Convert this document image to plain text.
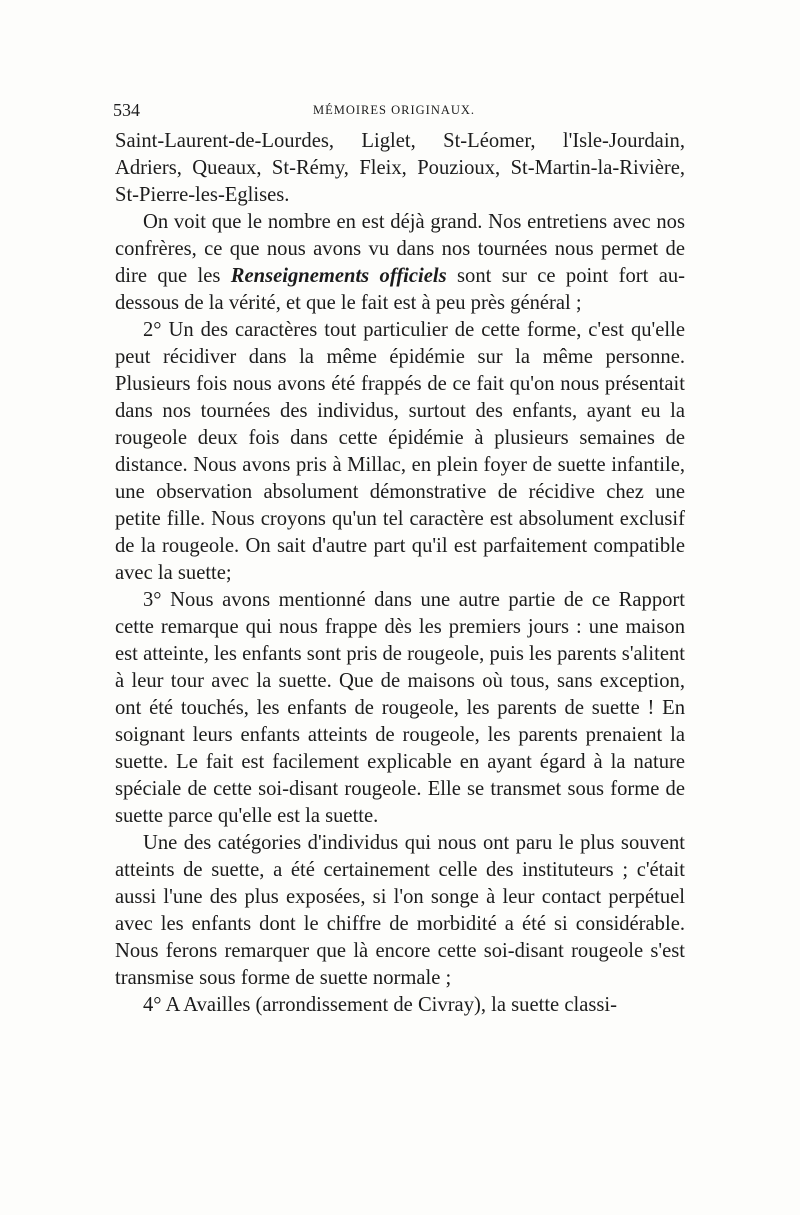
534	MÉMOIRES ORIGINAUX.

Saint-Laurent-de-Lourdes, Liglet, St-Léomer, l'Isle-Jourdain, Adriers, Queaux, St-Rémy, Fleix, Pouzioux, St-Martin-la-Rivière, St-Pierre-les-Eglises.

On voit que le nombre en est déjà grand. Nos entretiens avec nos confrères, ce que nous avons vu dans nos tournées nous permet de dire que les Renseignements officiels sont sur ce point fort au-dessous de la vérité, et que le fait est à peu près général ;

2° Un des caractères tout particulier de cette forme, c'est qu'elle peut récidiver dans la même épidémie sur la même personne. Plusieurs fois nous avons été frappés de ce fait qu'on nous présentait dans nos tournées des individus, surtout des enfants, ayant eu la rougeole deux fois dans cette épidémie à plusieurs semaines de distance. Nous avons pris à Millac, en plein foyer de suette infantile, une observation absolument démonstrative de récidive chez une petite fille. Nous croyons qu'un tel caractère est absolument exclusif de la rougeole. On sait d'autre part qu'il est parfaitement compatible avec la suette;

3° Nous avons mentionné dans une autre partie de ce Rapport cette remarque qui nous frappe dès les premiers jours : une maison est atteinte, les enfants sont pris de rougeole, puis les parents s'alitent à leur tour avec la suette. Que de maisons où tous, sans exception, ont été touchés, les enfants de rougeole, les parents de suette ! En soignant leurs enfants atteints de rougeole, les parents prenaient la suette. Le fait est facilement explicable en ayant égard à la nature spéciale de cette soi-disant rougeole. Elle se transmet sous forme de suette parce qu'elle est la suette.

Une des catégories d'individus qui nous ont paru le plus souvent atteints de suette, a été certainement celle des instituteurs ; c'était aussi l'une des plus exposées, si l'on songe à leur contact perpétuel avec les enfants dont le chiffre de morbidité a été si considérable. Nous ferons remarquer que là encore cette soi-disant rougeole s'est transmise sous forme de suette normale ;

4° A Availles (arrondissement de Civray), la suette classi-
